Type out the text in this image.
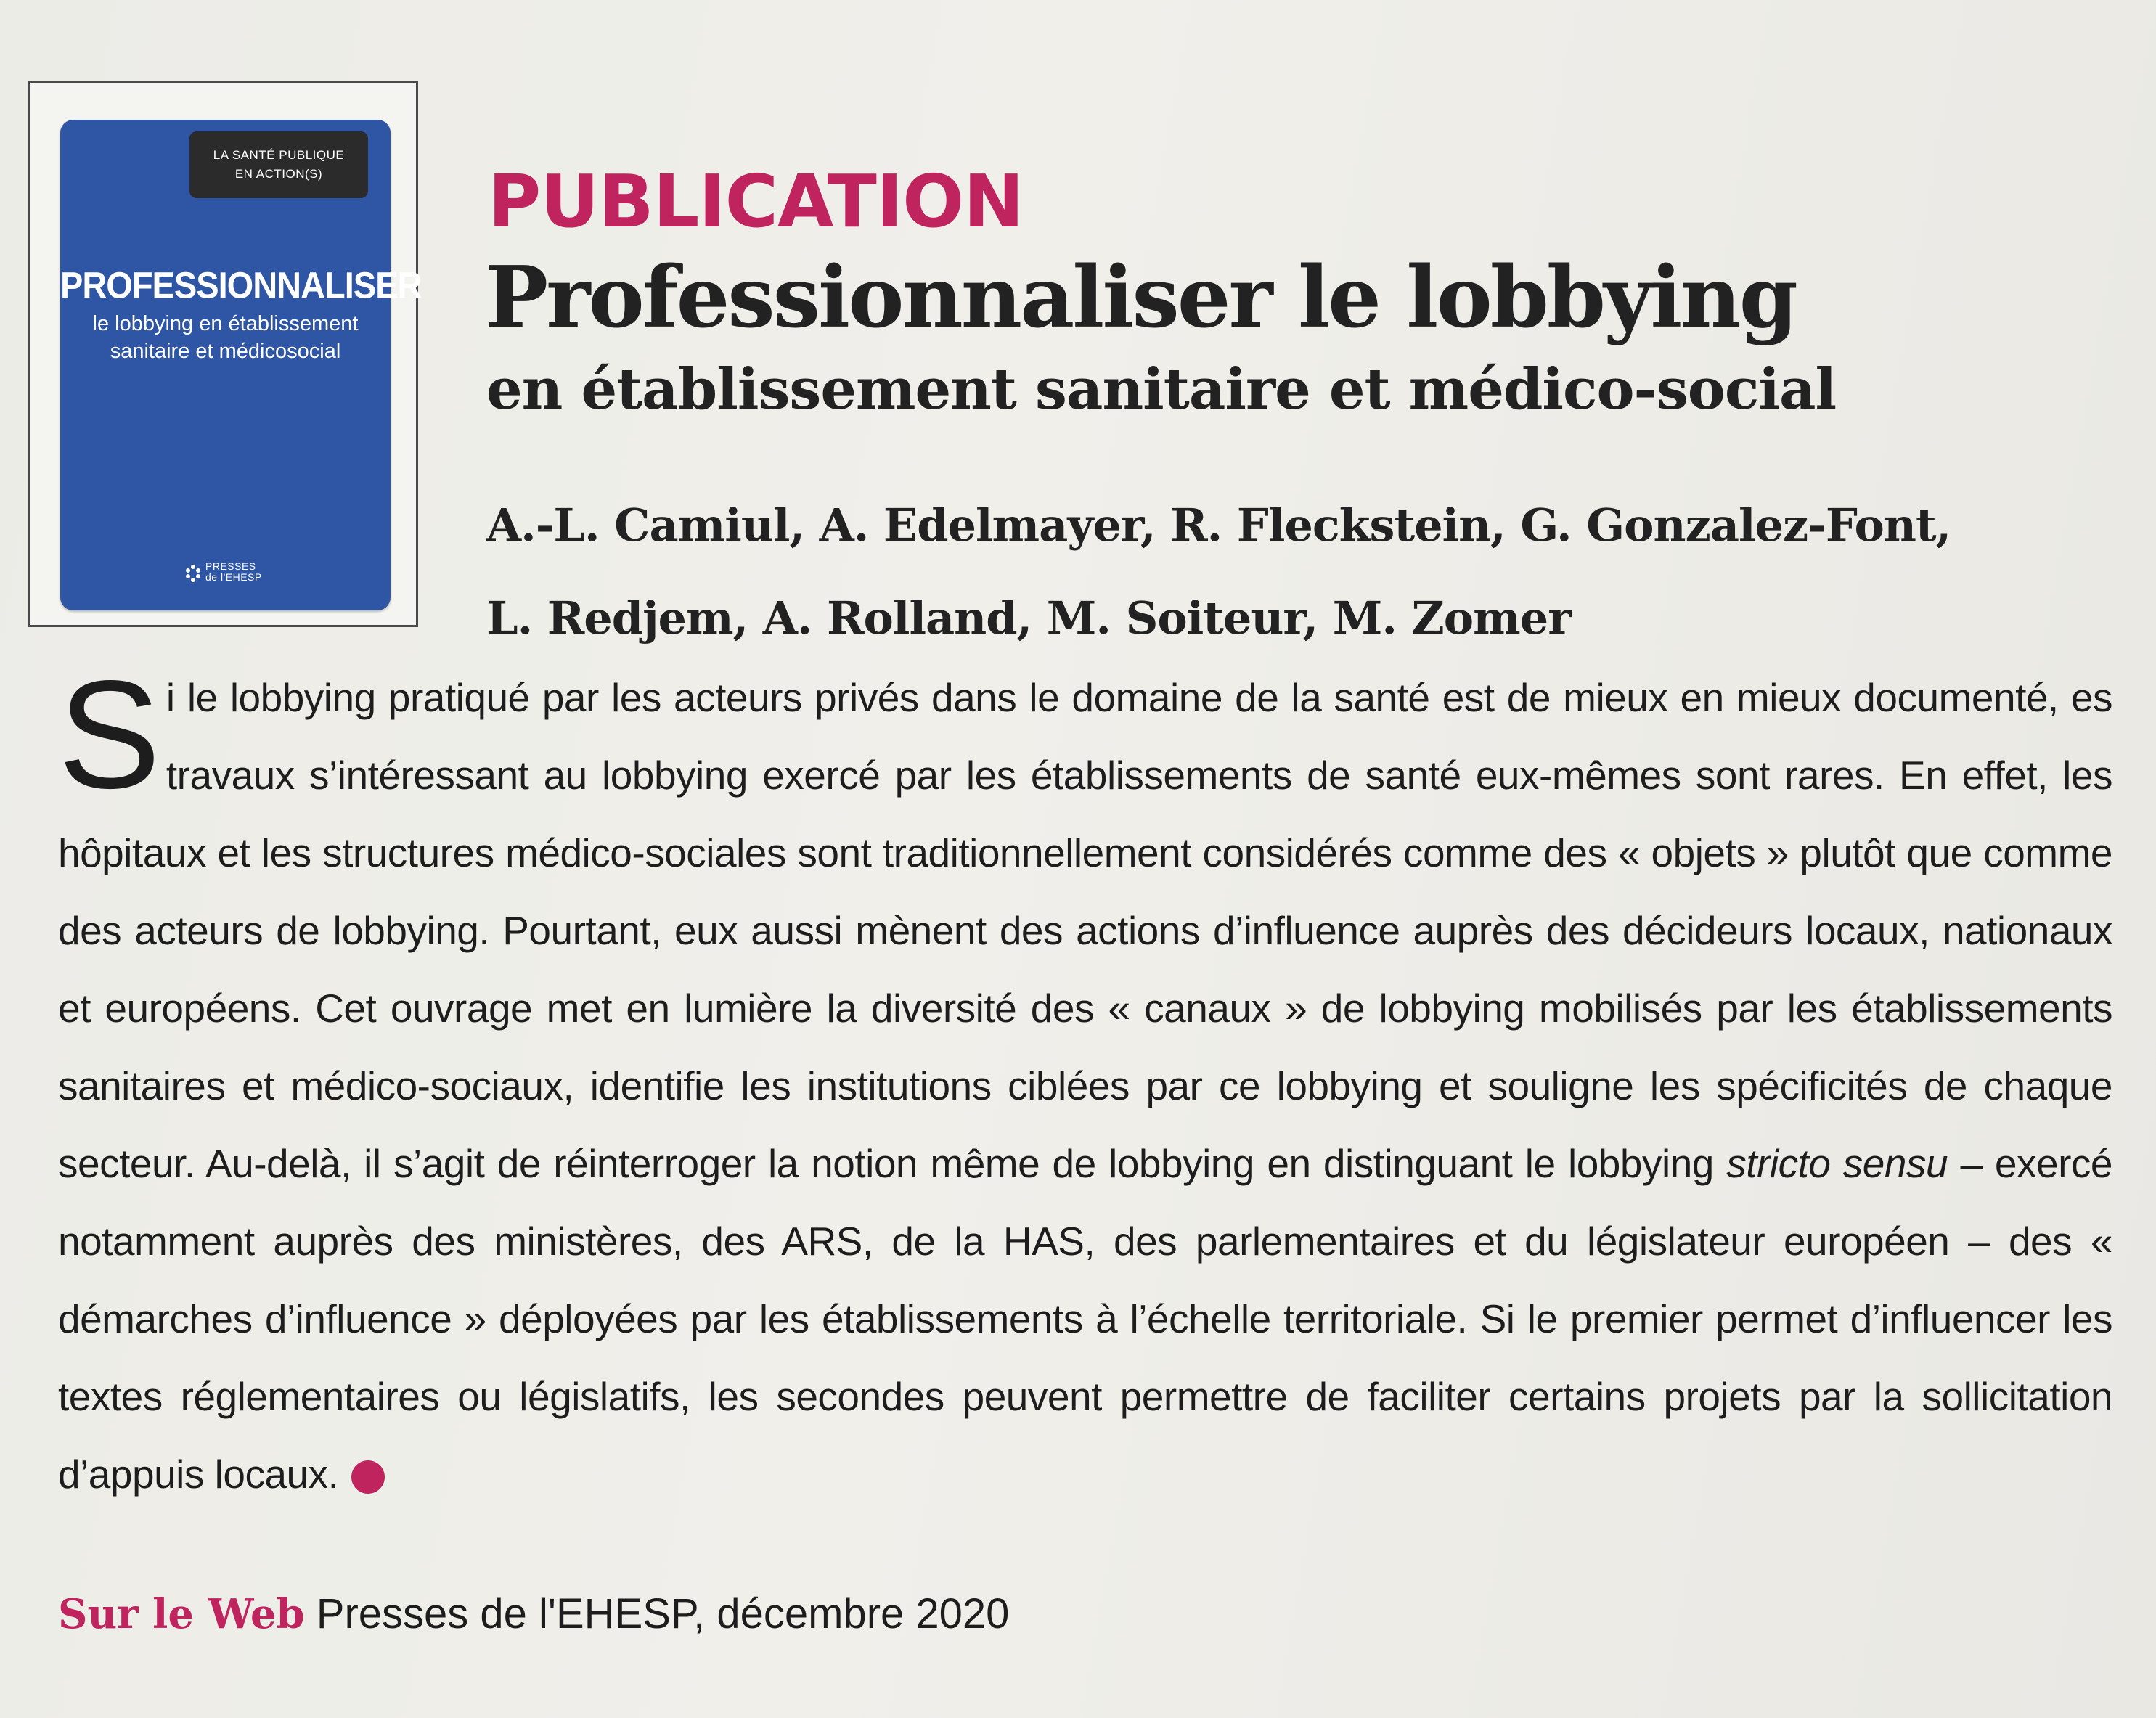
LA SANTÉ PUBLIQUE
EN ACTION(S)
PROFESSIONNALISER
le lobbying en établissement
sanitaire et médicosocial
PRESSES
de l'EHESP
PUBLICATION
Professionnaliser le lobbying
en établissement sanitaire et médico-social
A.-L. Camiul, A. Edelmayer, R. Fleckstein, G. Gonzalez-Font,
L. Redjem, A. Rolland, M. Soiteur, M. Zomer
Si le lobbying pratiqué par les acteurs privés dans le domaine de la santé est de mieux en mieux documenté, es travaux s’intéressant au lobbying exercé par les établissements de santé eux-mêmes sont rares. En effet, les hôpitaux et les structures médico-sociales sont traditionnellement considérés comme des « objets » plutôt que comme des acteurs de lobbying. Pourtant, eux aussi mènent des actions d’influence auprès des décideurs locaux, nationaux et européens. Cet ouvrage met en lumière la diversité des « canaux » de lobbying mobilisés par les établissements sanitaires et médico-sociaux, identifie les institutions ciblées par ce lobbying et souligne les spécificités de chaque secteur. Au-delà, il s’agit de réinterroger la notion même de lobbying en distinguant le lobbying stricto sensu – exercé notamment auprès des ministères, des ARS, de la HAS, des parlementaires et du législateur européen – des « démarches d’influence » déployées par les établissements à l’échelle territoriale. Si le premier permet d’influencer les textes réglementaires ou législatifs, les secondes peuvent permettre de faciliter certains projets par la sollicitation d’appuis locaux.
Sur le Web Presses de l'EHESP, décembre 2020
